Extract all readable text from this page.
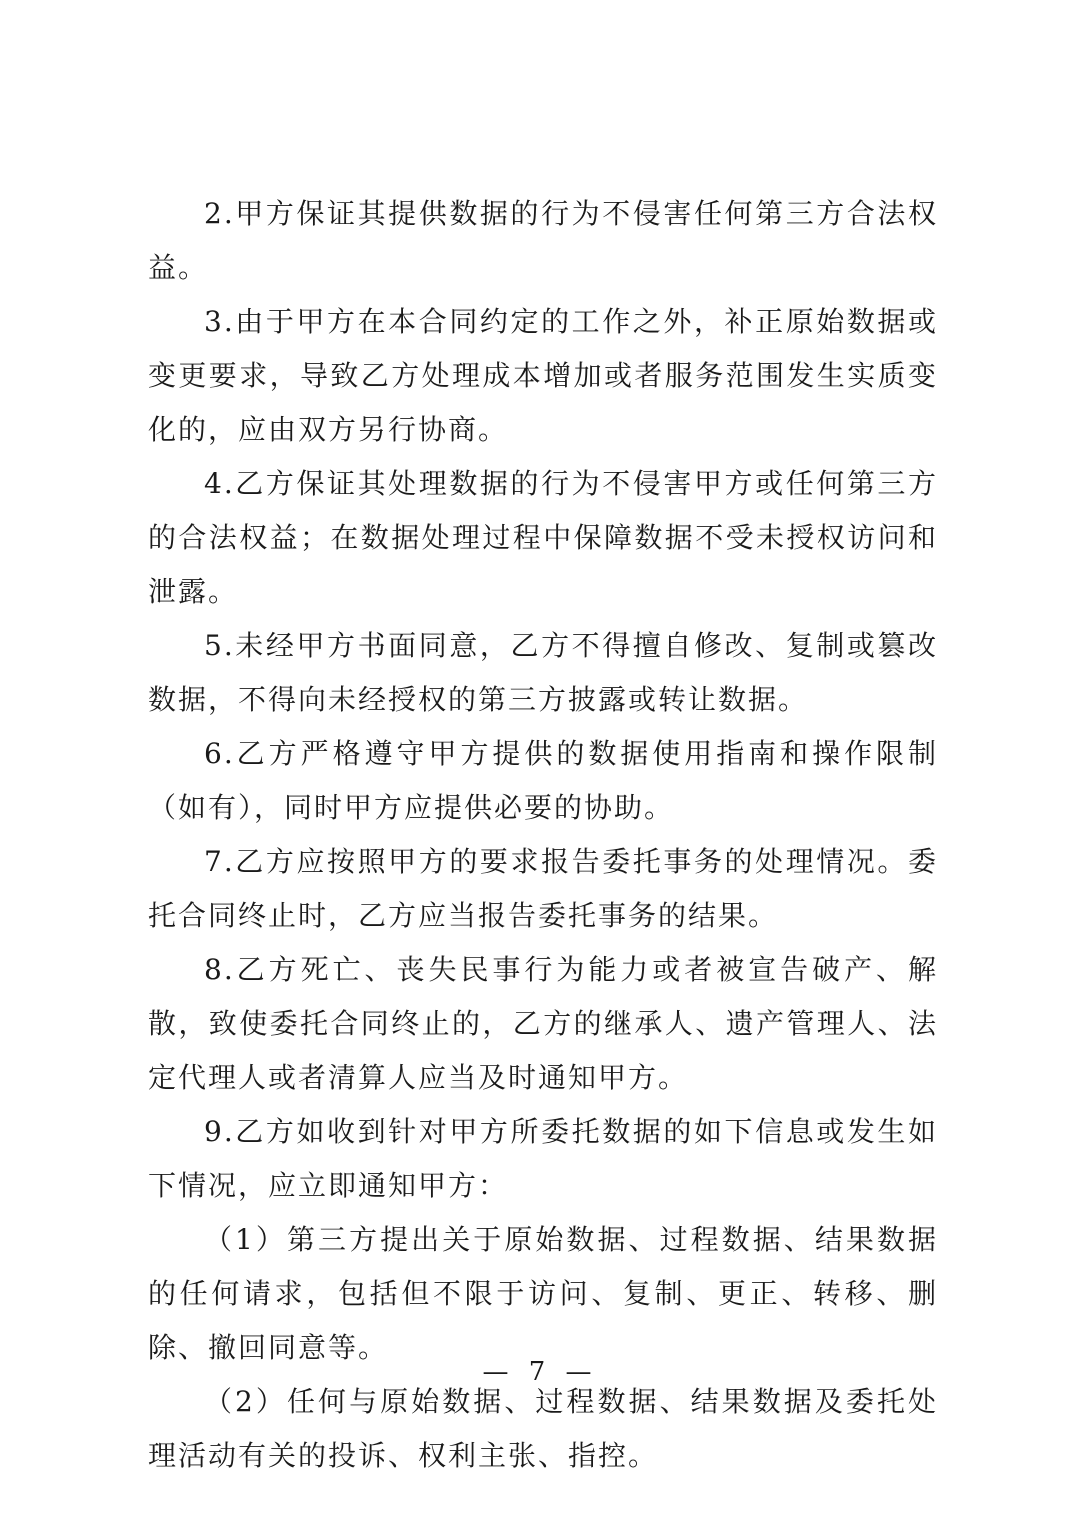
2.甲方保证其提供数据的行为不侵害任何第三方合法权益。

3.由于甲方在本合同约定的工作之外，补正原始数据或变更要求，导致乙方处理成本增加或者服务范围发生实质变化的，应由双方另行协商。

4.乙方保证其处理数据的行为不侵害甲方或任何第三方的合法权益；在数据处理过程中保障数据不受未授权访问和泄露。

5.未经甲方书面同意，乙方不得擅自修改、复制或篡改数据，不得向未经授权的第三方披露或转让数据。

6.乙方严格遵守甲方提供的数据使用指南和操作限制（如有），同时甲方应提供必要的协助。

7.乙方应按照甲方的要求报告委托事务的处理情况。委托合同终止时，乙方应当报告委托事务的结果。

8.乙方死亡、丧失民事行为能力或者被宣告破产、解散，致使委托合同终止的，乙方的继承人、遗产管理人、法定代理人或者清算人应当及时通知甲方。

9.乙方如收到针对甲方所委托数据的如下信息或发生如下情况，应立即通知甲方：

（1）第三方提出关于原始数据、过程数据、结果数据的任何请求，包括但不限于访问、复制、更正、转移、删除、撤回同意等。

（2）任何与原始数据、过程数据、结果数据及委托处理活动有关的投诉、权利主张、指控。

— 7 —
